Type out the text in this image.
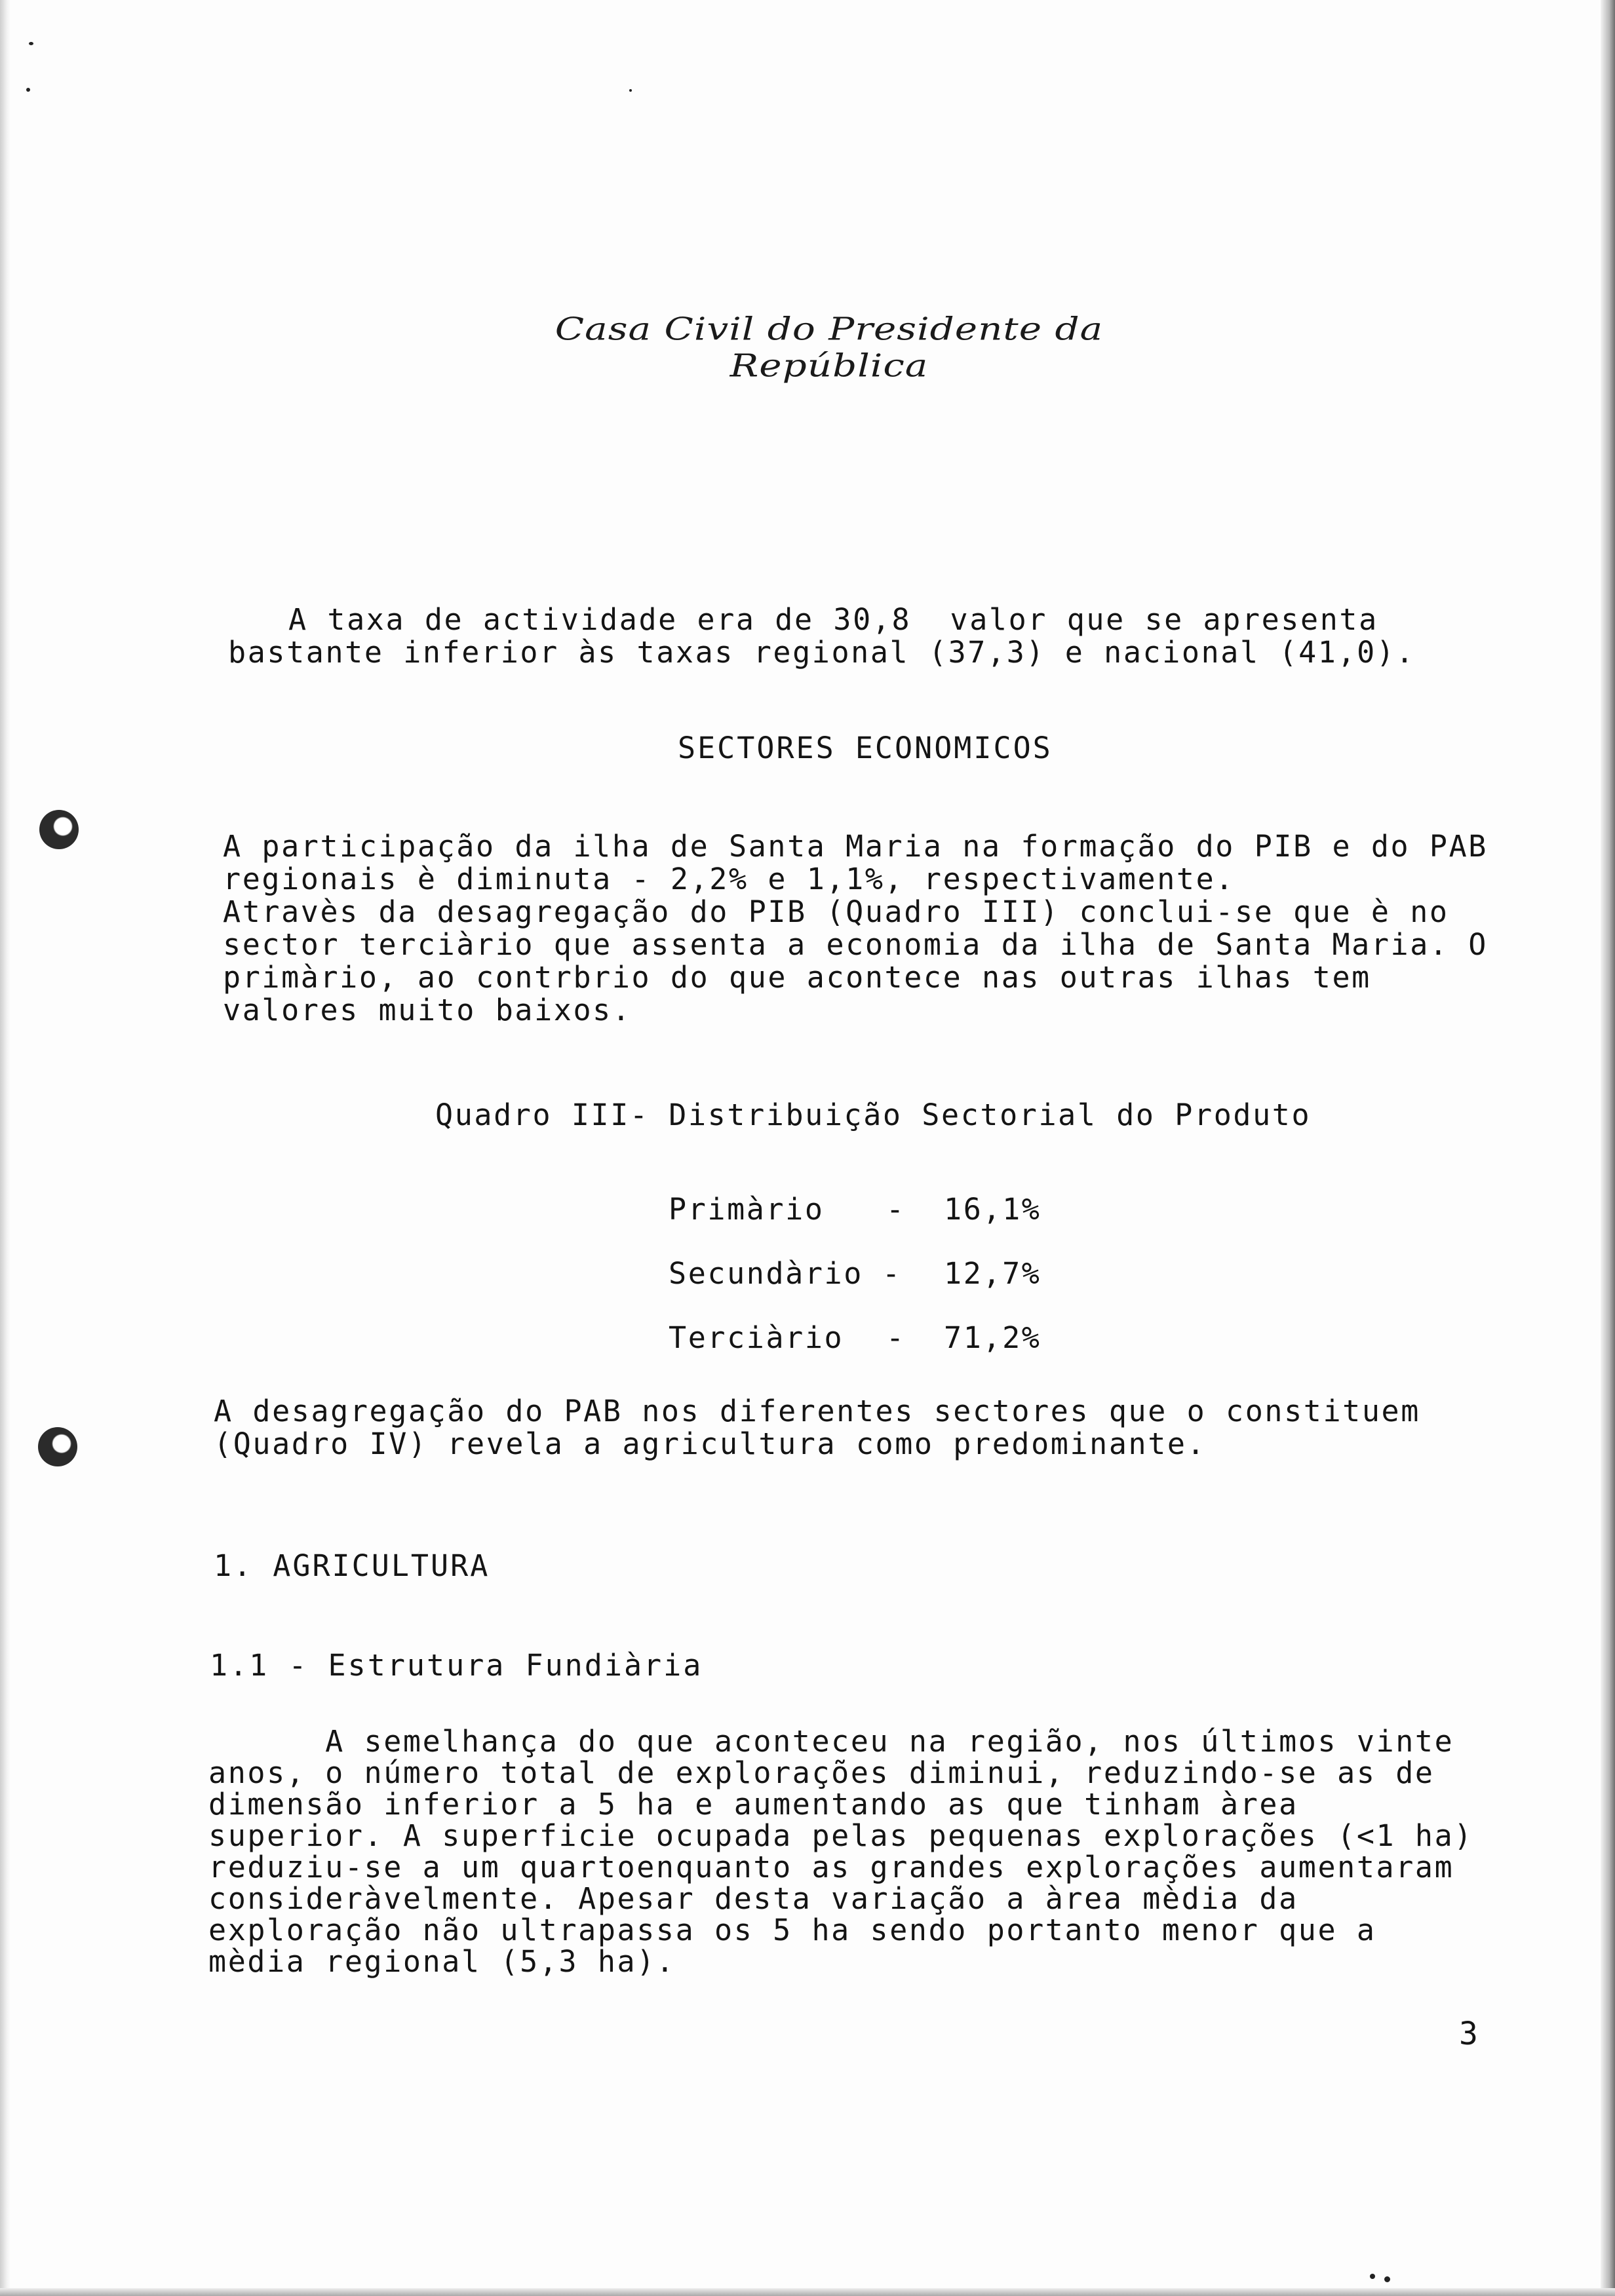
Casa Civil do Presidente da República
A taxa de actividade era de 30,8  valor que se apresenta
bastante inferior às taxas regional (37,3) e nacional (41,0).
SECTORES ECONOMICOS
A participação da ilha de Santa Maria na formação do PIB e do PAB
regionais è diminuta - 2,2% e 1,1%, respectivamente.
Atravès da desagregação do PIB (Quadro III) conclui-se que è no
sector terciàrio que assenta a economia da ilha de Santa Maria. O
primàrio, ao contrbrio do que acontece nas outras ilhas tem
valores muito baixos.
Quadro III- Distribuição Sectorial do Produto
Primàrio - 16,1%
Secundàrio - 12,7%
Terciàrio - 71,2%
A desagregação do PAB nos diferentes sectores que o constituem
(Quadro IV) revela a agricultura como predominante.
1. AGRICULTURA
1.1 - Estrutura Fundiària
A semelhança do que aconteceu na região, nos últimos vinte
anos, o número total de explorações diminui, reduzindo-se as de
dimensão inferior a 5 ha e aumentando as que tinham àrea
superior. A superficie ocupada pelas pequenas explorações (<1 ha)
reduziu-se a um quartoenquanto as grandes explorações aumentaram
consideràvelmente. Apesar desta variação a àrea mèdia da
exploração não ultrapassa os 5 ha sendo portanto menor que a
mèdia regional (5,3 ha).
3
